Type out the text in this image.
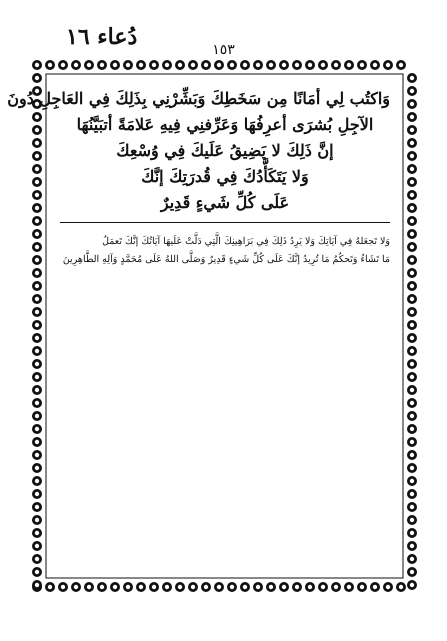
دُعاء ١٦	١٥٣
وَاكتُب لِي أمَانًا مِن سَخَطِكَ وَبَشِّرْنِي بِذَلِكَ فِي العَاجِلِ دُونَ
الآجِلِ بُشرَى أعرِفُهَا وَعَرِّفنِي فِيهِ عَلامَةً أتبَيَّنُهَا
إنَّ ذَلِكَ لا يَضِيقُ عَلَيكَ فِي وُسْعِكَ
وَلا يَتَكَأَّدُكَ فِي قُدرَتِكَ إنَّكَ
عَلَى كُلِّ شَيءٍ قَدِيرٌ
وَلا تَجعَلهُ فِي آيَاتِكَ وَلا يَرِدُ ذَلِكَ فِي بَرَاهِينِكَ الَّتِي دَلَّتْ عَلَيهَا آيَاتُكَ إنَّكَ تَعمَلُ
مَا تَشَاءُ وَتَحكُمُ مَا تُرِيدُ إنَّكَ عَلَى كُلِّ شَيءٍ قَدِيرٌ وَصَلَّى اللهُ عَلَى مُحَمَّدٍ وَآلِهِ الطَّاهِرِينَ
